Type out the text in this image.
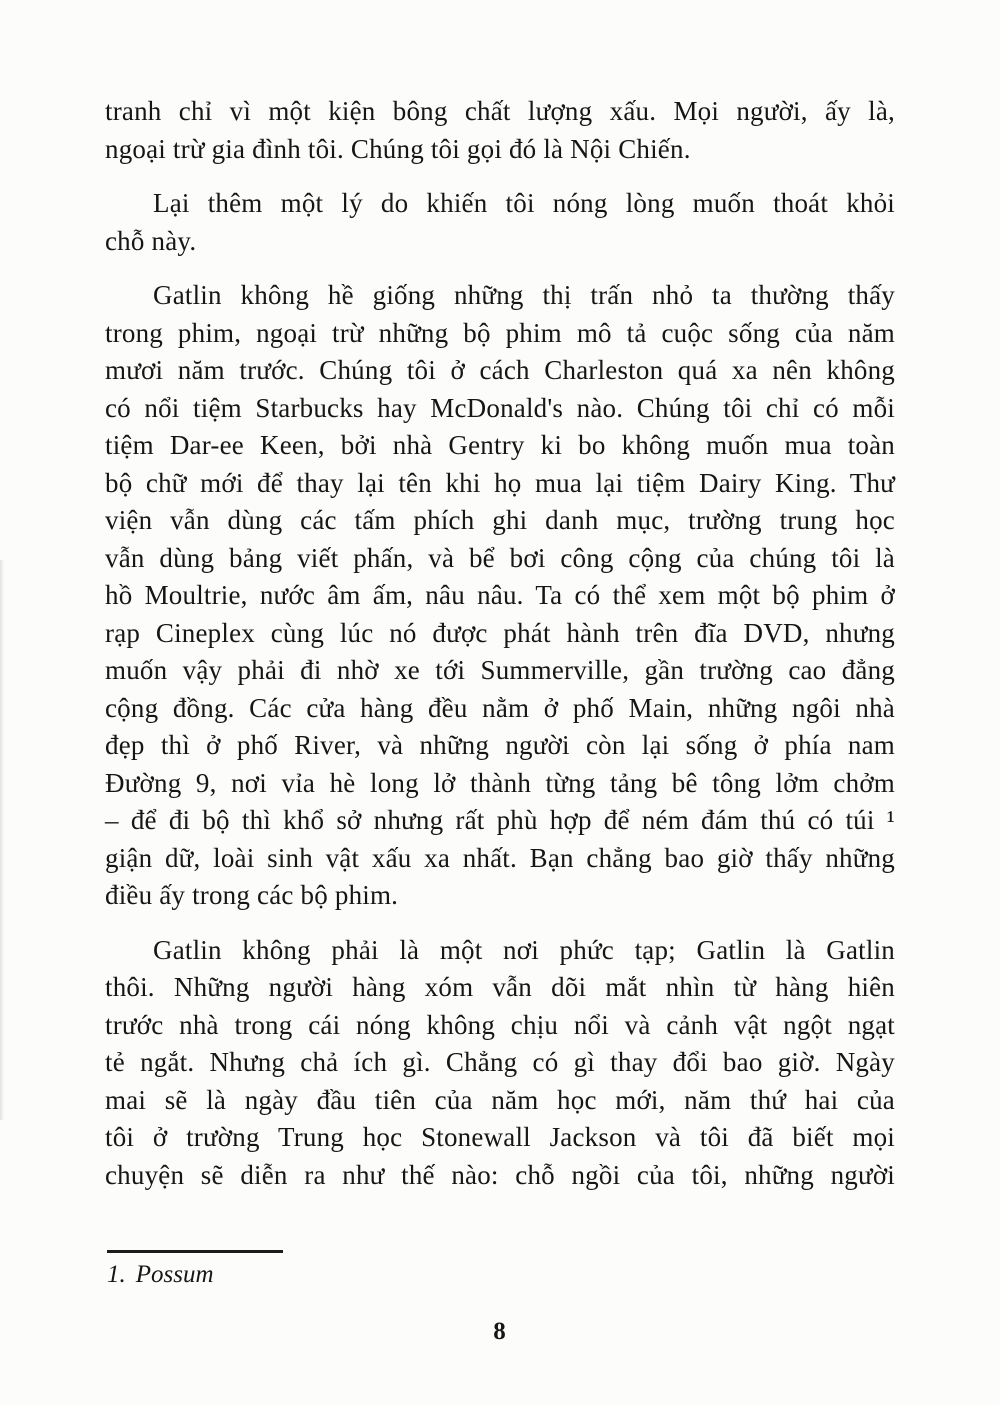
tranh chỉ vì một kiện bông chất lượng xấu. Mọi người, ấy là,
ngoại trừ gia đình tôi. Chúng tôi gọi đó là Nội Chiến.
Lại thêm một lý do khiến tôi nóng lòng muốn thoát khỏi
chỗ này.
Gatlin không hề giống những thị trấn nhỏ ta thường thấy
trong phim, ngoại trừ những bộ phim mô tả cuộc sống của năm
mươi năm trước. Chúng tôi ở cách Charleston quá xa nên không
có nổi tiệm Starbucks hay McDonald's nào. Chúng tôi chỉ có mỗi
tiệm Dar-ee Keen, bởi nhà Gentry ki bo không muốn mua toàn
bộ chữ mới để thay lại tên khi họ mua lại tiệm Dairy King. Thư
viện vẫn dùng các tấm phích ghi danh mục, trường trung học
vẫn dùng bảng viết phấn, và bể bơi công cộng của chúng tôi là
hồ Moultrie, nước âm ấm, nâu nâu. Ta có thể xem một bộ phim ở
rạp Cineplex cùng lúc nó được phát hành trên đĩa DVD, nhưng
muốn vậy phải đi nhờ xe tới Summerville, gần trường cao đẳng
cộng đồng. Các cửa hàng đều nằm ở phố Main, những ngôi nhà
đẹp thì ở phố River, và những người còn lại sống ở phía nam
Đường 9, nơi vỉa hè long lở thành từng tảng bê tông lởm chởm
– để đi bộ thì khổ sở nhưng rất phù hợp để ném đám thú có túi ¹
giận dữ, loài sinh vật xấu xa nhất. Bạn chẳng bao giờ thấy những
điều ấy trong các bộ phim.
Gatlin không phải là một nơi phức tạp; Gatlin là Gatlin
thôi. Những người hàng xóm vẫn dõi mắt nhìn từ hàng hiên
trước nhà trong cái nóng không chịu nổi và cảnh vật ngột ngạt
tẻ ngắt. Nhưng chả ích gì. Chẳng có gì thay đổi bao giờ. Ngày
mai sẽ là ngày đầu tiên của năm học mới, năm thứ hai của
tôi ở trường Trung học Stonewall Jackson và tôi đã biết mọi
chuyện sẽ diễn ra như thế nào: chỗ ngồi của tôi, những người
1. Possum
8
